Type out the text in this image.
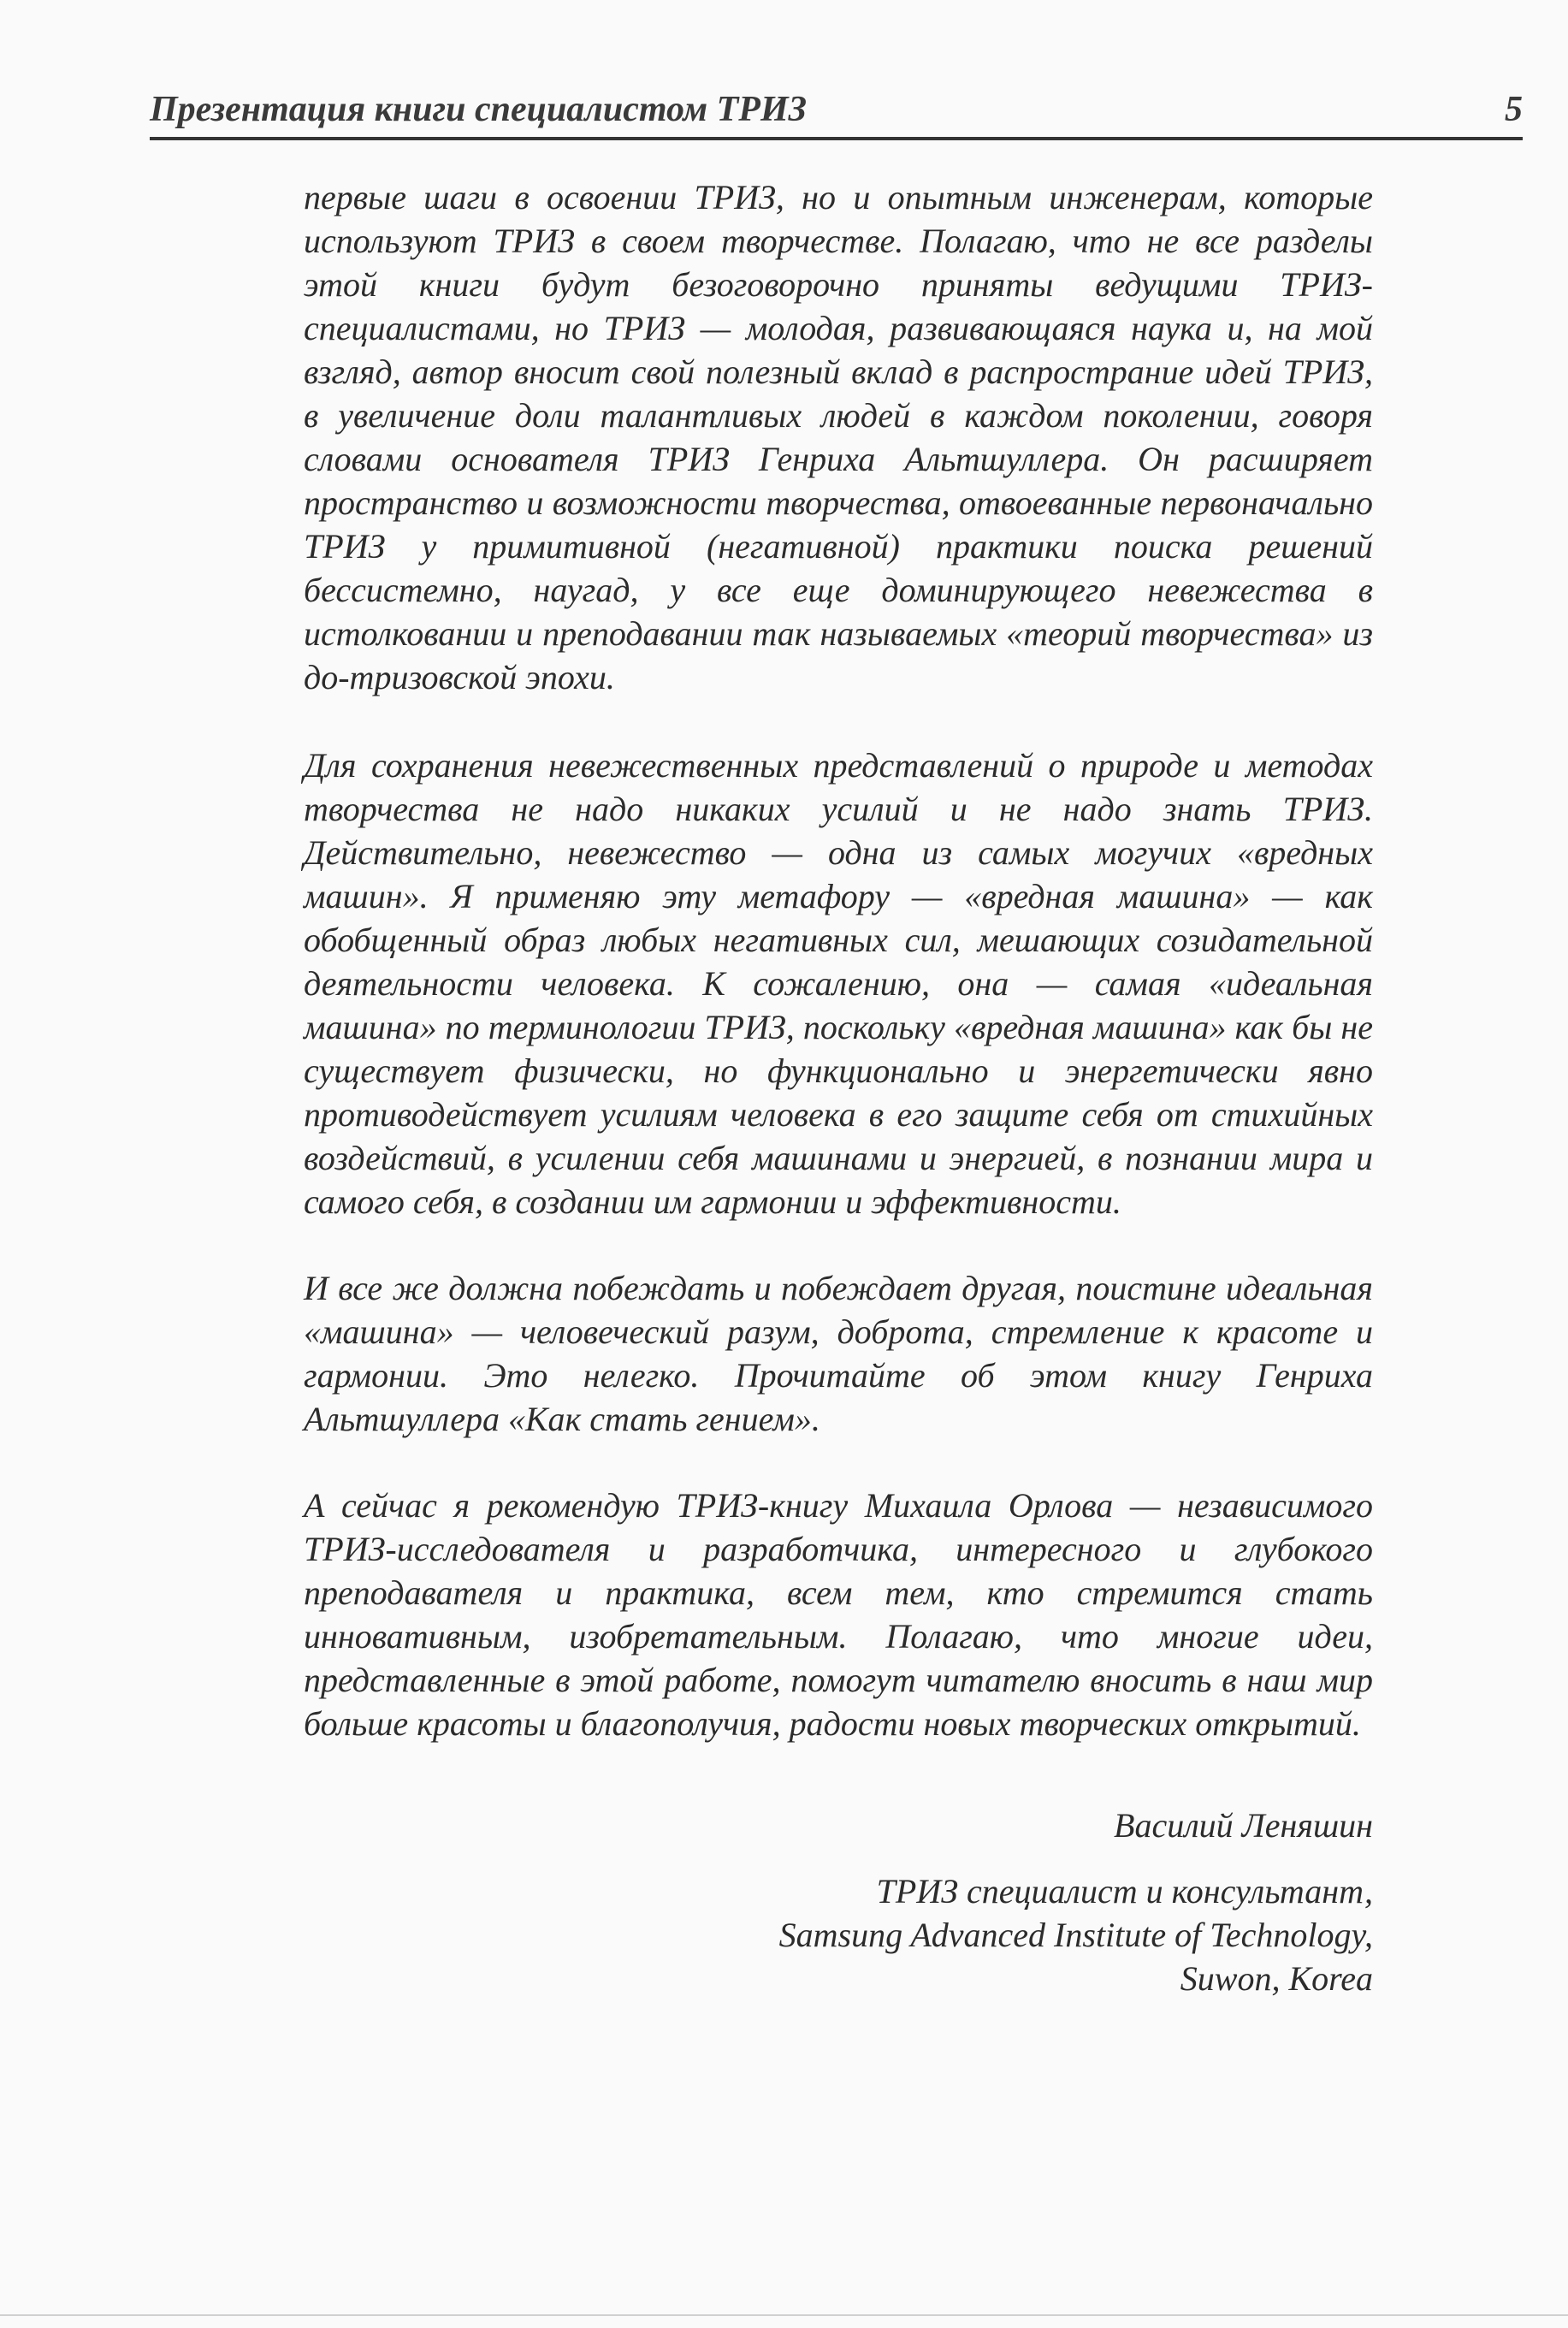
Презентация книги специалистом ТРИЗ	5

первые шаги в освоении ТРИЗ, но и опытным инженерам, которые используют ТРИЗ в своем творчестве. Полагаю, что не все разделы этой книги будут безоговорочно приняты ведущими ТРИЗ-специалистами, но ТРИЗ — молодая, развивающаяся наука и, на мой взгляд, автор вносит свой полезный вклад в распространие идей ТРИЗ, в увеличение доли талантливых людей в каждом поколении, говоря словами основателя ТРИЗ Генриха Альтшуллера. Он расширяет пространство и возможности творчества, отвоеванные первоначально ТРИЗ у примитивной (негативной) практики поиска решений бессистемно, наугад, у все еще доминирующего невежества в истолковании и преподавании так называемых «теорий творчества» из до-тризовской эпохи.

Для сохранения невежественных представлений о природе и методах творчества не надо никаких усилий и не надо знать ТРИЗ. Действительно, невежество — одна из самых могучих «вредных машин». Я применяю эту метафору — «вредная машина» — как обобщенный образ любых негативных сил, мешающих созидательной деятельности человека. К сожалению, она — самая «идеальная машина» по терминологии ТРИЗ, поскольку «вредная машина» как бы не существует физически, но функционально и энергетически явно противодействует усилиям человека в его защите себя от стихийных воздействий, в усилении себя машинами и энергией, в познании мира и самого себя, в создании им гармонии и эффективности.

И все же должна побеждать и побеждает другая, поистине идеальная «машина» — человеческий разум, доброта, стремление к красоте и гармонии. Это нелегко. Прочитайте об этом книгу Генриха Альтшуллера «Как стать гением».

А сейчас я рекомендую ТРИЗ-книгу Михаила Орлова — независимого ТРИЗ-исследователя и разработчика, интересного и глубокого преподавателя и практика, всем тем, кто стремится стать инновативным, изобретательным. Полагаю, что многие идеи, представленные в этой работе, помогут читателю вносить в наш мир больше красоты и благополучия, радости новых творческих открытий.

Василий Леняшин
ТРИЗ специалист и консультант,
Samsung Advanced Institute of Technology,
Suwon, Korea
